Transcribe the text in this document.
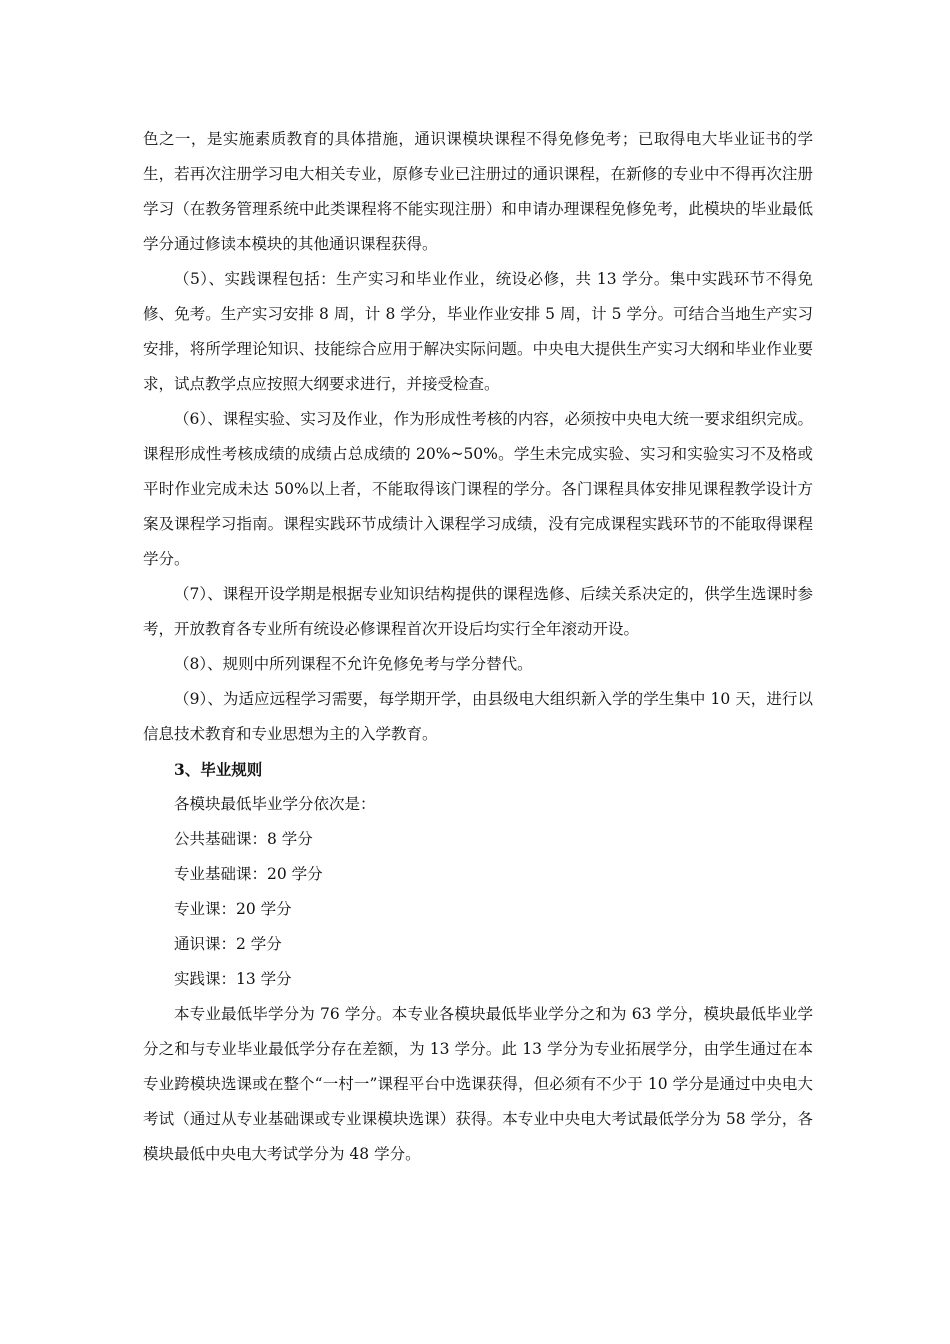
色之一，是实施素质教育的具体措施，通识课模块课程不得免修免考；已取得电大毕业证书的学生，若再次注册学习电大相关专业，原修专业已注册过的通识课程，在新修的专业中不得再次注册学习（在教务管理系统中此类课程将不能实现注册）和申请办理课程免修免考，此模块的毕业最低学分通过修读本模块的其他通识课程获得。

（5）、实践课程包括：生产实习和毕业作业，统设必修，共 13 学分。集中实践环节不得免修、免考。生产实习安排 8 周，计 8 学分，毕业作业安排 5 周，计 5 学分。可结合当地生产实习安排，将所学理论知识、技能综合应用于解决实际问题。中央电大提供生产实习大纲和毕业作业要求，试点教学点应按照大纲要求进行，并接受检查。

（6）、课程实验、实习及作业，作为形成性考核的内容，必须按中央电大统一要求组织完成。课程形成性考核成绩的成绩占总成绩的 20%~50%。学生未完成实验、实习和实验实习不及格或平时作业完成未达 50%以上者，不能取得该门课程的学分。各门课程具体安排见课程教学设计方案及课程学习指南。课程实践环节成绩计入课程学习成绩，没有完成课程实践环节的不能取得课程学分。

（7）、课程开设学期是根据专业知识结构提供的课程选修、后续关系决定的，供学生选课时参考，开放教育各专业所有统设必修课程首次开设后均实行全年滚动开设。

（8）、规则中所列课程不允许免修免考与学分替代。

（9）、为适应远程学习需要，每学期开学，由县级电大组织新入学的学生集中 10 天，进行以信息技术教育和专业思想为主的入学教育。

3、毕业规则

各模块最低毕业学分依次是：

公共基础课：8 学分

专业基础课：20 学分

专业课：20 学分

通识课：2 学分

实践课：13 学分

本专业最低毕学分为 76 学分。本专业各模块最低毕业学分之和为 63 学分，模块最低毕业学分之和与专业毕业最低学分存在差额，为 13 学分。此 13 学分为专业拓展学分，由学生通过在本专业跨模块选课或在整个“一村一”课程平台中选课获得，但必须有不少于 10 学分是通过中央电大考试（通过从专业基础课或专业课模块选课）获得。本专业中央电大考试最低学分为 58 学分，各模块最低中央电大考试学分为 48 学分。
